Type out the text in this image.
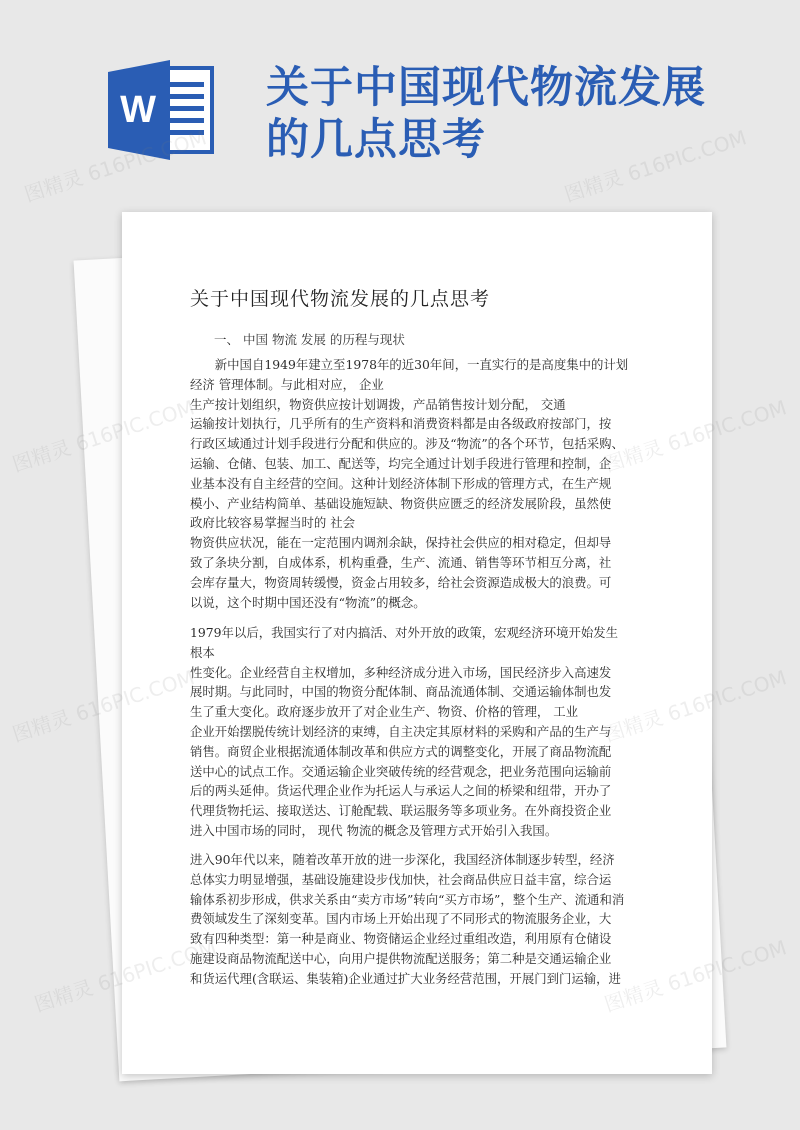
W	关于中国现代物流发展
的几点思考
关于中国现代物流发展的几点思考
一、 中国 物流 发展 的历程与现状
　　新中国自1949年建立至1978年的近30年间，一直实行的是高度集中的计划
经济 管理体制。与此相对应， 企业
生产按计划组织，物资供应按计划调拨，产品销售按计划分配， 交通
运输按计划执行，几乎所有的生产资料和消费资料都是由各级政府按部门，按
行政区域通过计划手段进行分配和供应的。涉及“物流”的各个环节，包括采购、
运输、仓储、包装、加工、配送等，均完全通过计划手段进行管理和控制，企
业基本没有自主经营的空间。这种计划经济体制下形成的管理方式，在生产规
模小、产业结构简单、基础设施短缺、物资供应匮乏的经济发展阶段，虽然使
政府比较容易掌握当时的 社会
物资供应状况，能在一定范围内调剂余缺，保持社会供应的相对稳定，但却导
致了条块分割，自成体系，机构重叠，生产、流通、销售等环节相互分离，社
会库存量大，物资周转缓慢，资金占用较多，给社会资源造成极大的浪费。可
以说，这个时期中国还没有“物流”的概念。
1979年以后，我国实行了对内搞活、对外开放的政策，宏观经济环境开始发生
根本
性变化。企业经营自主权增加，多种经济成分进入市场，国民经济步入高速发
展时期。与此同时，中国的物资分配体制、商品流通体制、交通运输体制也发
生了重大变化。政府逐步放开了对企业生产、物资、价格的管理， 工业
企业开始摆脱传统计划经济的束缚，自主决定其原材料的采购和产品的生产与
销售。商贸企业根据流通体制改革和供应方式的调整变化，开展了商品物流配
送中心的试点工作。交通运输企业突破传统的经营观念，把业务范围向运输前
后的两头延伸。货运代理企业作为托运人与承运人之间的桥梁和纽带，开办了
代理货物托运、接取送达、订舱配载、联运服务等多项业务。在外商投资企业
进入中国市场的同时， 现代 物流的概念及管理方式开始引入我国。
进入90年代以来，随着改革开放的进一步深化，我国经济体制逐步转型，经济
总体实力明显增强，基础设施建设步伐加快，社会商品供应日益丰富，综合运
输体系初步形成，供求关系由“卖方市场”转向“买方市场”，整个生产、流通和消
费领域发生了深刻变革。国内市场上开始出现了不同形式的物流服务企业，大
致有四种类型：第一种是商业、物资储运企业经过重组改造，利用原有仓储设
施建设商品物流配送中心，向用户提供物流配送服务；第二种是交通运输企业
和货运代理(含联运、集装箱)企业通过扩大业务经营范围，开展门到门运输，进
图精灵 616PIC.COM
图精灵 616PIC.COM
图精灵	616PIC.COM
图精灵	616PIC.COM
图精灵	616PIC.COM
